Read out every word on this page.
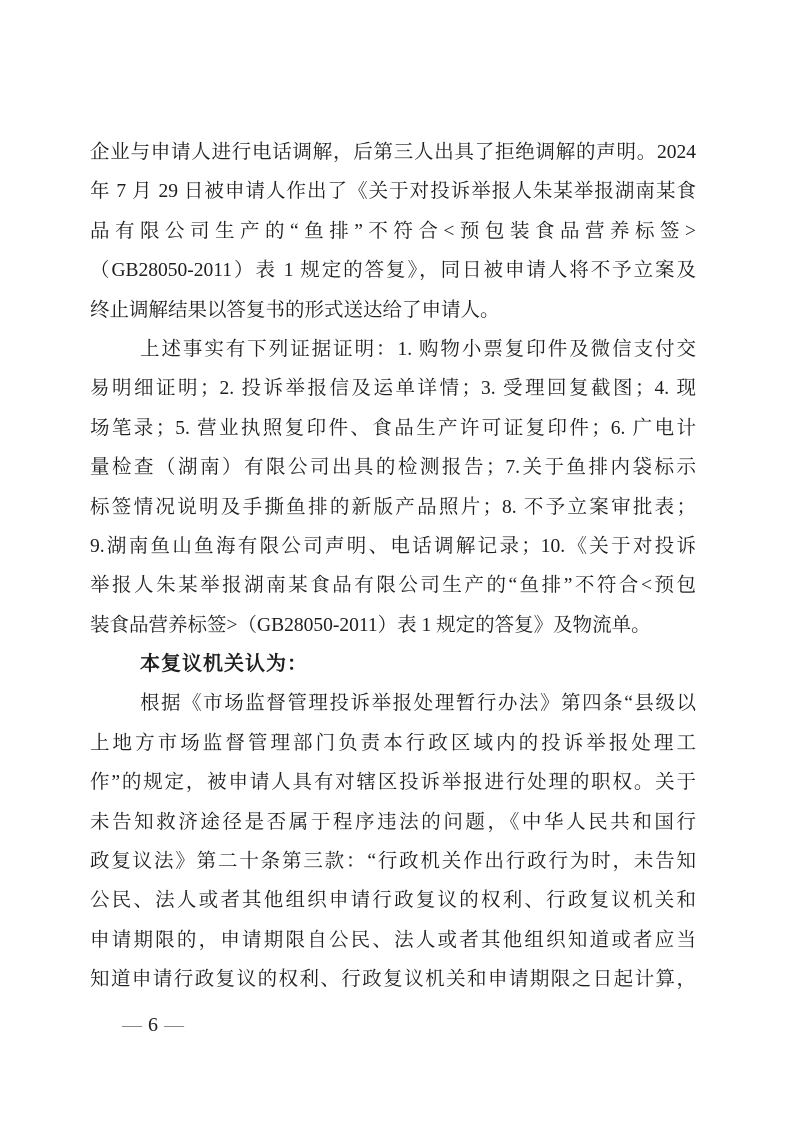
企业与申请人进行电话调解，后第三人出具了拒绝调解的声明。2024
年 7 月 29 日被申请人作出了《关于对投诉举报人朱某举报湖南某食
品有限公司生产的“鱼排”不符合<预包装食品营养标签>
（GB28050-2011）表 1 规定的答复》，同日被申请人将不予立案及
终止调解结果以答复书的形式送达给了申请人。
上述事实有下列证据证明：1. 购物小票复印件及微信支付交
易明细证明；2. 投诉举报信及运单详情；3. 受理回复截图；4. 现
场笔录；5. 营业执照复印件、食品生产许可证复印件；6. 广电计
量检查（湖南）有限公司出具的检测报告；7.关于鱼排内袋标示
标签情况说明及手撕鱼排的新版产品照片；8. 不予立案审批表；
9.湖南鱼山鱼海有限公司声明、电话调解记录；10.《关于对投诉
举报人朱某举报湖南某食品有限公司生产的“鱼排”不符合<预包
装食品营养标签>（GB28050-2011）表 1 规定的答复》及物流单。
本复议机关认为：
根据《市场监督管理投诉举报处理暂行办法》第四条“县级以
上地方市场监督管理部门负责本行政区域内的投诉举报处理工
作”的规定，被申请人具有对辖区投诉举报进行处理的职权。关于
未告知救济途径是否属于程序违法的问题，《中华人民共和国行
政复议法》第二十条第三款：“行政机关作出行政行为时，未告知
公民、法人或者其他组织申请行政复议的权利、行政复议机关和
申请期限的，申请期限自公民、法人或者其他组织知道或者应当
知道申请行政复议的权利、行政复议机关和申请期限之日起计算，
— 6 —
